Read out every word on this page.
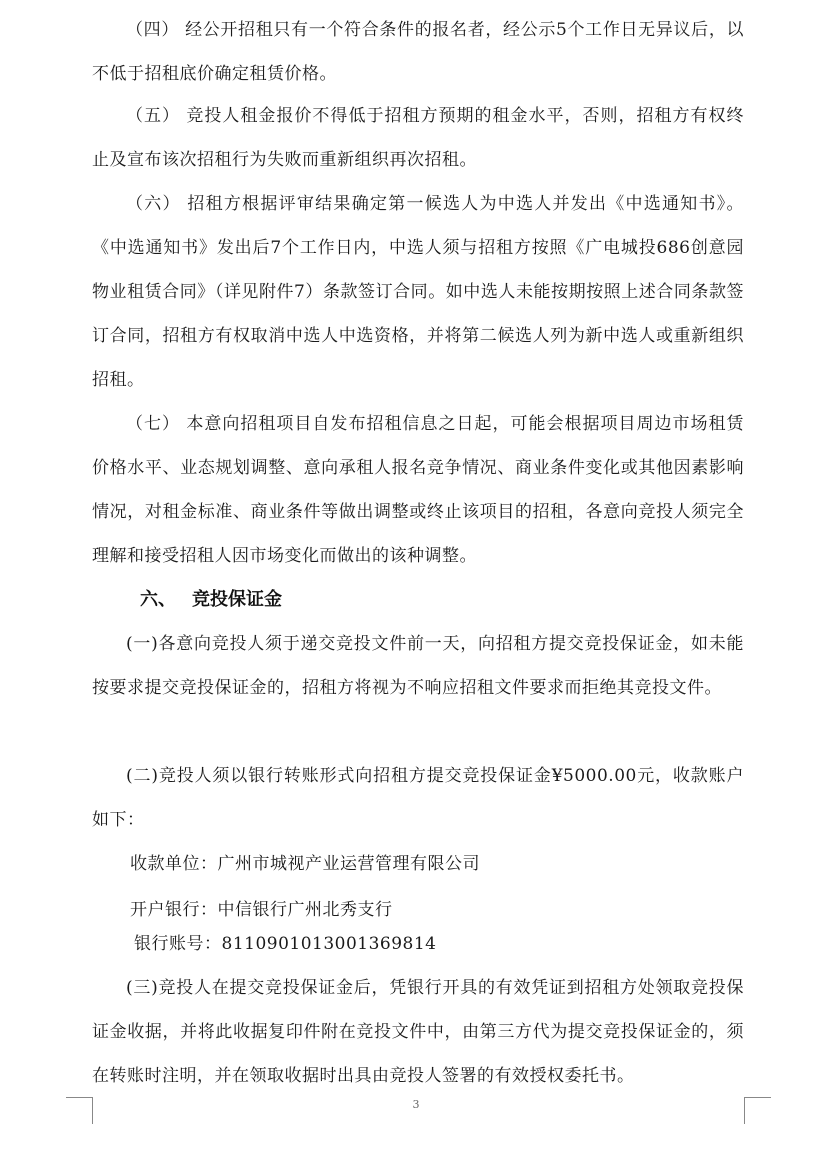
（四） 经公开招租只有一个符合条件的报名者，经公示5个工作日无异议后，以不低于招租底价确定租赁价格。

（五） 竞投人租金报价不得低于招租方预期的租金水平，否则，招租方有权终止及宣布该次招租行为失败而重新组织再次招租。

（六） 招租方根据评审结果确定第一候选人为中选人并发出《中选通知书》。《中选通知书》发出后7个工作日内，中选人须与招租方按照《广电城投686创意园物业租赁合同》（详见附件7）条款签订合同。如中选人未能按期按照上述合同条款签订合同，招租方有权取消中选人中选资格，并将第二候选人列为新中选人或重新组织招租。

（七） 本意向招租项目自发布招租信息之日起，可能会根据项目周边市场租赁价格水平、业态规划调整、意向承租人报名竞争情况、商业条件变化或其他因素影响情况，对租金标准、商业条件等做出调整或终止该项目的招租，各意向竞投人须完全理解和接受招租人因市场变化而做出的该种调整。

六、 竞投保证金

(一)各意向竞投人须于递交竞投文件前一天，向招租方提交竞投保证金，如未能按要求提交竞投保证金的，招租方将视为不响应招租文件要求而拒绝其竞投文件。

(二)竞投人须以银行转账形式向招租方提交竞投保证金¥5000.00元，收款账户如下：

收款单位：广州市城视产业运营管理有限公司
开户银行：中信银行广州北秀支行
银行账号：8110901013001369814

(三)竞投人在提交竞投保证金后，凭银行开具的有效凭证到招租方处领取竞投保证金收据，并将此收据复印件附在竞投文件中，由第三方代为提交竞投保证金的，须在转账时注明，并在领取收据时出具由竞投人签署的有效授权委托书。

3
